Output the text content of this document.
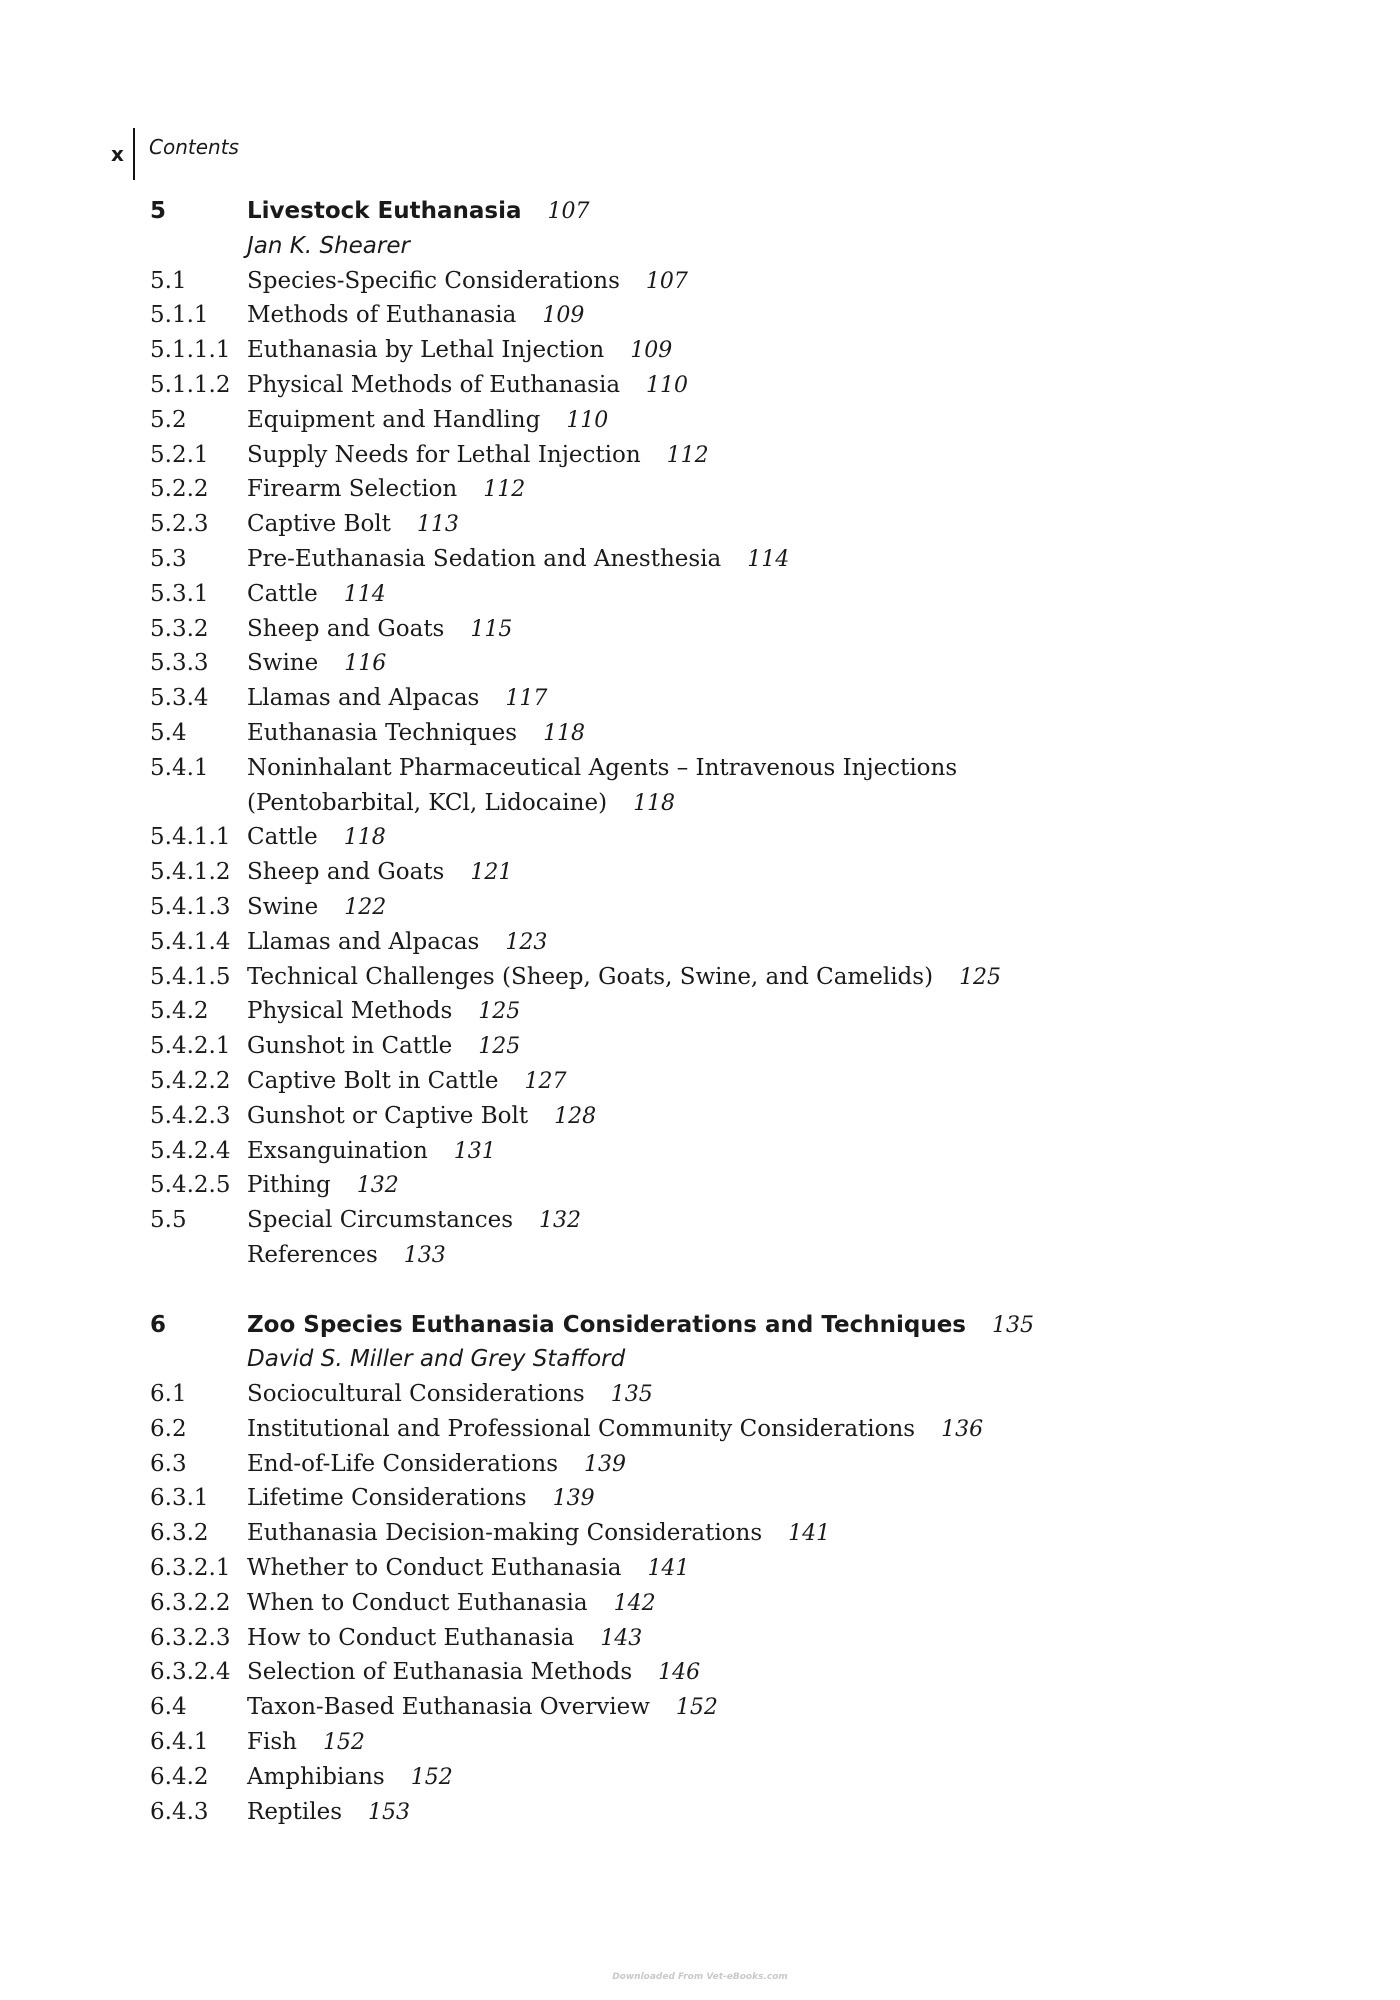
x	Contents
5	Livestock Euthanasia 107
Jan K. Shearer
5.1	Species-Specific Considerations 107
5.1.1	Methods of Euthanasia 109
5.1.1.1 Euthanasia by Lethal Injection 109
5.1.1.2 Physical Methods of Euthanasia 110
5.2	Equipment and Handling 110
5.2.1	Supply Needs for Lethal Injection 112
5.2.2	Firearm Selection 112
5.2.3	Captive Bolt 113
5.3	Pre-Euthanasia Sedation and Anesthesia 114
5.3.1	Cattle 114
5.3.2	Sheep and Goats 115
5.3.3	Swine 116
5.3.4	Llamas and Alpacas 117
5.4	Euthanasia Techniques 118
5.4.1	Noninhalant Pharmaceutical Agents – Intravenous Injections
(Pentobarbital, KCl, Lidocaine) 118
5.4.1.1 Cattle 118
5.4.1.2 Sheep and Goats 121
5.4.1.3 Swine 122
5.4.1.4 Llamas and Alpacas 123
5.4.1.5 Technical Challenges (Sheep, Goats, Swine, and Camelids) 125
5.4.2	Physical Methods 125
5.4.2.1 Gunshot in Cattle 125
5.4.2.2 Captive Bolt in Cattle 127
5.4.2.3 Gunshot or Captive Bolt 128
5.4.2.4 Exsanguination 131
5.4.2.5 Pithing 132
5.5	Special Circumstances 132
References 133
6	Zoo Species Euthanasia Considerations and Techniques 135
David S. Miller and Grey Stafford
6.1	Sociocultural Considerations 135
6.2	Institutional and Professional Community Considerations 136
6.3	End-of-Life Considerations 139
6.3.1	Lifetime Considerations 139
6.3.2	Euthanasia Decision-making Considerations 141
6.3.2.1 Whether to Conduct Euthanasia 141
6.3.2.2 When to Conduct Euthanasia 142
6.3.2.3 How to Conduct Euthanasia 143
6.3.2.4 Selection of Euthanasia Methods 146
6.4	Taxon-Based Euthanasia Overview 152
6.4.1	Fish 152
6.4.2	Amphibians 152
6.4.3	Reptiles 153
Downloaded From Vet-eBooks.com
